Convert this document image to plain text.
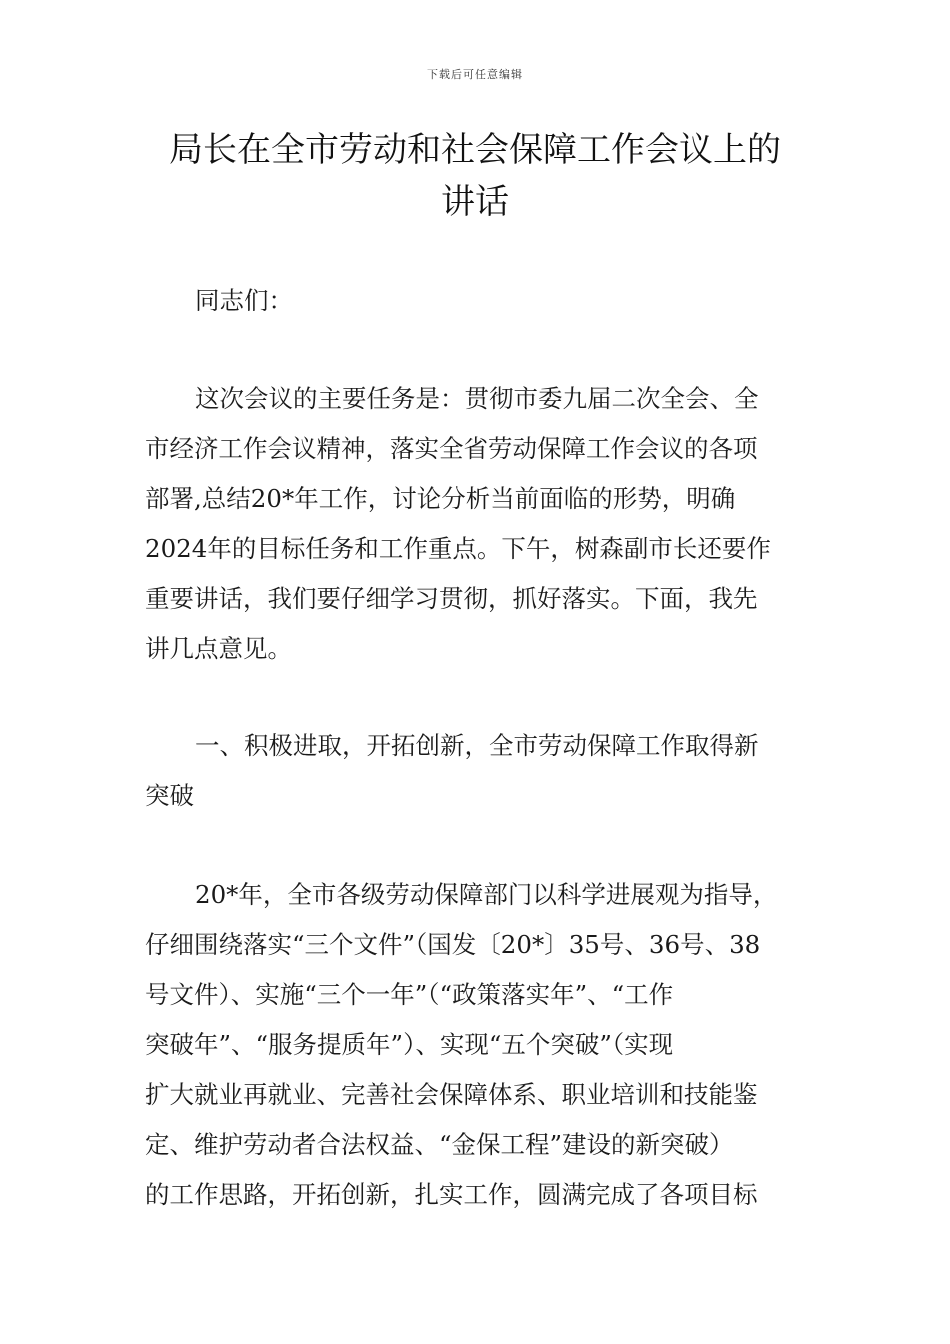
下载后可任意编辑
局长在全市劳动和社会保障工作会议上的
讲话
同志们：
这次会议的主要任务是：贯彻市委九届二次全会、全
市经济工作会议精神，落实全省劳动保障工作会议的各项
部署,总结20*年工作，讨论分析当前面临的形势，明确
2024年的目标任务和工作重点。下午，树森副市长还要作
重要讲话，我们要仔细学习贯彻，抓好落实。下面，我先
讲几点意见。
一、积极进取，开拓创新，全市劳动保障工作取得新
突破
20*年，全市各级劳动保障部门以科学进展观为指导，
仔细围绕落实“三个文件”（国发〔20*〕35号、36号、38
号文件）、实施“三个一年”（“政策落实年”、“工作
突破年”、“服务提质年”）、实现“五个突破”（实现
扩大就业再就业、完善社会保障体系、职业培训和技能鉴
定、维护劳动者合法权益、“金保工程”建设的新突破）
的工作思路，开拓创新，扎实工作，圆满完成了各项目标
